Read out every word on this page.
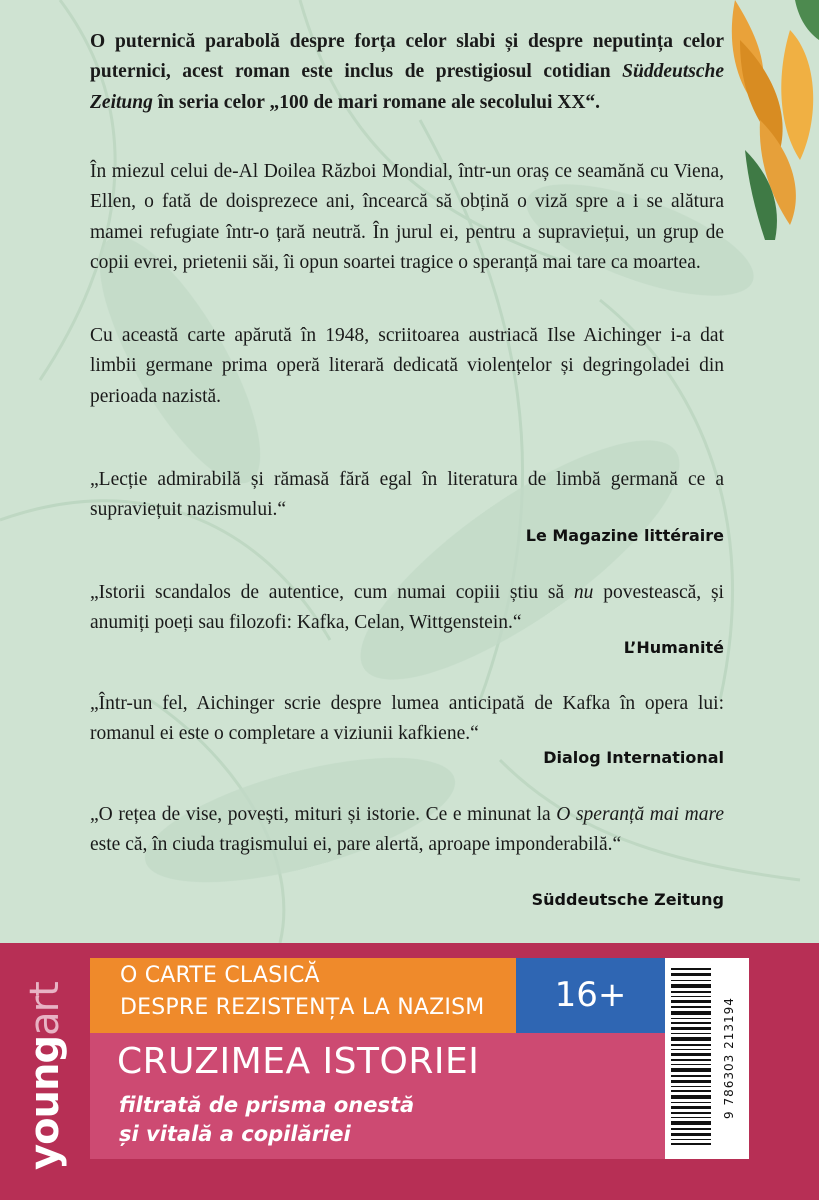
O puternică parabolă despre forța celor slabi și despre neputința celor puternici, acest roman este inclus de prestigiosul cotidian Süddeutsche Zeitung în seria celor „100 de mari romane ale secolului XX“.

În miezul celui de-Al Doilea Război Mondial, într-un oraș ce seamănă cu Viena, Ellen, o fată de doisprezece ani, încearcă să obțină o viză spre a i se alătura mamei refugiate într-o țară neutră. În jurul ei, pentru a supraviețui, un grup de copii evrei, prietenii săi, îi opun soartei tragice o speranță mai tare ca moartea.

Cu această carte apărută în 1948, scriitoarea austriacă Ilse Aichinger i-a dat limbii germane prima operă literară dedicată violențelor și degringoladei din perioada nazistă.

„Lecție admirabilă și rămasă fără egal în literatura de limbă germană ce a supraviețuit nazismului.“

Le Magazine littéraire

„Istorii scandalos de autentice, cum numai copiii știu să nu povestească, și anumiți poeți sau filozofi: Kafka, Celan, Wittgenstein.“

L’Humanité

„Într-un fel, Aichinger scrie despre lumea anticipată de Kafka în opera lui: romanul ei este o completare a viziunii kafkiene.“

Dialog International

„O rețea de vise, povești, mituri și istorie. Ce e minunat la O speranță mai mare este că, în ciuda tragismului ei, pare alertă, aproape imponderabilă.“

Süddeutsche Zeitung
youngart
O CARTE CLASICĂ
DESPRE REZISTENȚA LA NAZISM	16+
CRUZIMEA ISTORIEI
filtrată de prisma onestă
și vitală a copilăriei
9 786303 213194
